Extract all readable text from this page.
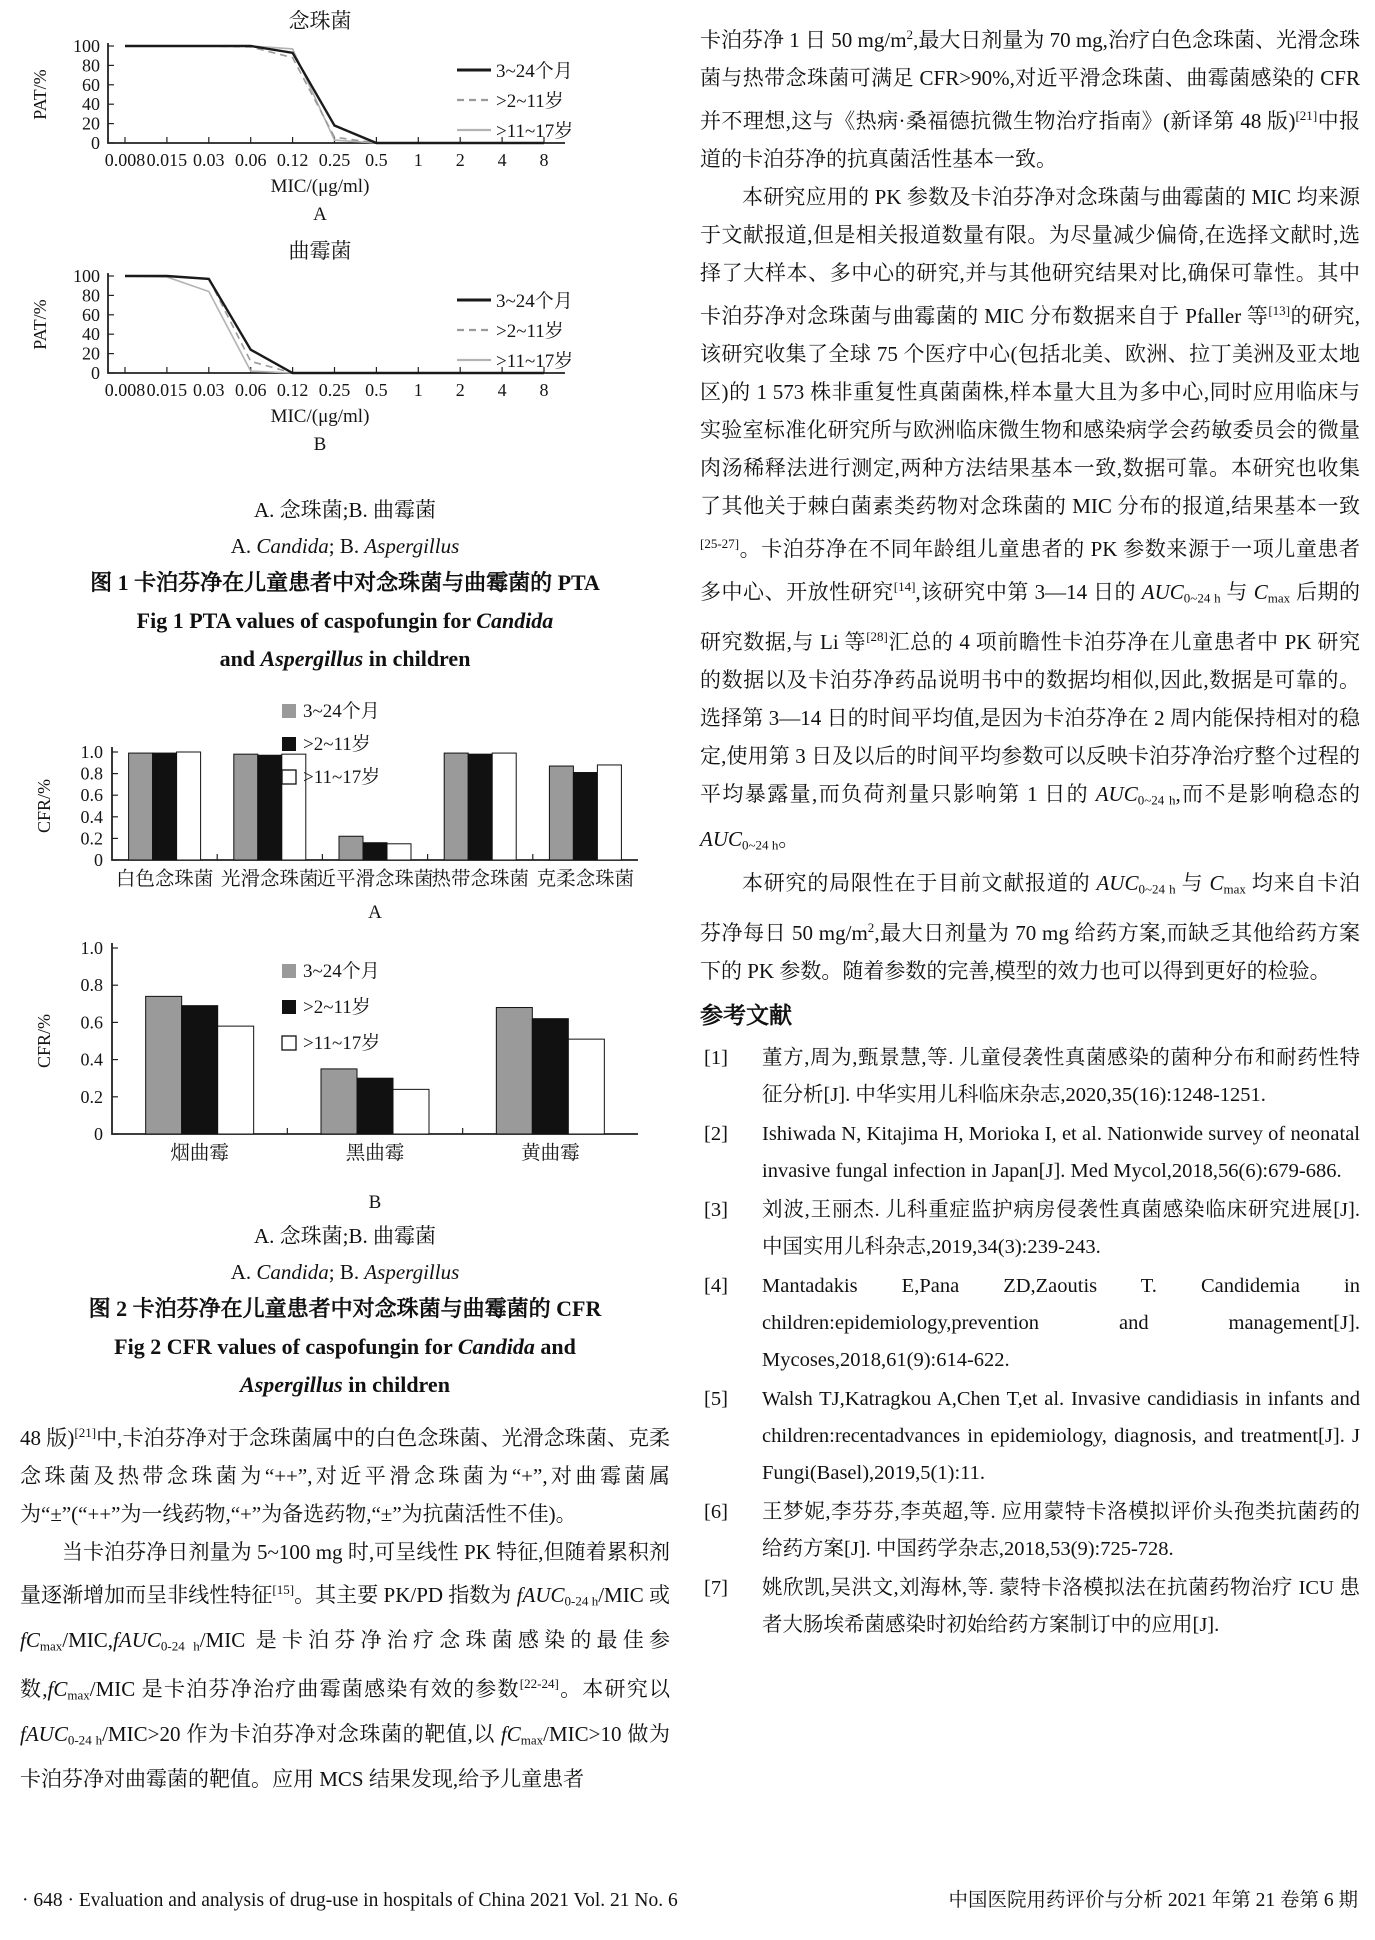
念珠菌
0
20
40
60
80
100
0.008 0.015 0.03 0.06 0.12 0.25 0.5 1 2 4 8
PAT/%
MIC/(μg/ml)
A
3~24个月
>2~11岁
>11~17岁
曲霉菌
0
20
40
60
80
100
0.008 0.015 0.03 0.06 0.12 0.25 0.5 1 2 4 8
PAT/%
MIC/(μg/ml)
B
3~24个月
>2~11岁
>11~17岁
A. 念珠菌;B. 曲霉菌
A. Candida; B. Aspergillus
图 1 卡泊芬净在儿童患者中对念珠菌与曲霉菌的 PTA
Fig 1 PTA values of caspofungin for Candida
and Aspergillus in children
0
0.2
0.4
0.6
0.8
1.0
白色念珠菌 光滑念珠菌
近平滑念珠菌
热带念珠菌 克柔念珠菌
CFR/%
A
3~24个月
>2~11岁
>11~17岁
0
0.2
0.4
0.6
0.8
1.0
烟曲霉	黑曲霉	黄曲霉
CFR/%
B
3~24个月
>2~11岁
>11~17岁
A. 念珠菌;B. 曲霉菌
A. Candida; B. Aspergillus
图 2 卡泊芬净在儿童患者中对念珠菌与曲霉菌的 CFR
Fig 2 CFR values of caspofungin for Candida and
Aspergillus in children

48 版)[21]中,卡泊芬净对于念珠菌属中的白色念珠菌、光滑念珠菌、克柔念珠菌及热带念珠菌为“++”,对近平滑念珠菌为“+”,对曲霉菌属为“±”(“++”为一线药物,“+”为备选药物,“±”为抗菌活性不佳)。

当卡泊芬净日剂量为 5~100 mg 时,可呈线性 PK 特征,但随着累积剂量逐渐增加而呈非线性特征[15]。其主要 PK/PD 指数为 fAUC$_{0-24 h}$/MIC 或 $fC_{max}/MIC,fAUC_{0-24 h}$/MIC 是卡泊芬净治疗念珠菌感染的最佳参数$,fC_{max}$/MIC 是卡泊芬净治疗曲霉菌感染有效的参数[22-24]。本研究以 fAUC$_{0-24 h}$/MIC>20 作为卡泊芬净对念珠菌的靶值,以 $fC_{max}/MIC>10$ 做为卡泊芬净对曲霉菌的靶值。应用 MCS 结果发现,给予儿童患者

卡泊芬净 1 日 50 $mg/m^2$,最大日剂量为 70 mg,治疗白色念珠菌、光滑念珠菌与热带念珠菌可满足 CFR>90%,对近平滑念珠菌、曲霉菌感染的 CFR 并不理想,这与《热病·桑福德抗微生物治疗指南》(新译第 48 版)[21]中报道的卡泊芬净的抗真菌活性基本一致。

本研究应用的 PK 参数及卡泊芬净对念珠菌与曲霉菌的 MIC 均来源于文献报道,但是相关报道数量有限。为尽量减少偏倚,在选择文献时,选择了大样本、多中心的研究,并与其他研究结果对比,确保可靠性。其中卡泊芬净对念珠菌与曲霉菌的 MIC 分布数据来自于 Pfaller 等[13]的研究,该研究收集了全球 75 个医疗中心(包括北美、欧洲、拉丁美洲及亚太地区)的 1 573 株非重复性真菌菌株,样本量大且为多中心,同时应用临床与实验室标准化研究所与欧洲临床微生物和感染病学会药敏委员会的微量肉汤稀释法进行测定,两种方法结果基本一致,数据可靠。本研究也收集了其他关于棘白菌素类药物对念珠菌的 MIC 分布的报道,结果基本一致[25-27]。卡泊芬净在不同年龄组儿童患者的 PK 参数来源于一项儿童患者多中心、开放性研究[14],该研究中第 3—14 日的 $AUC_{0\sim 24 h}$ 与 $C_{max}$ 后期的研究数据,与 Li 等[28]汇总的 4 项前瞻性卡泊芬净在儿童患者中 PK 研究的数据以及卡泊芬净药品说明书中的数据均相似,因此,数据是可靠的。选择第 3—14 日的时间平均值,是因为卡泊芬净在 2 周内能保持相对的稳定,使用第 3 日及以后的时间平均参数可以反映卡泊芬净治疗整个过程的平均暴露量,而负荷剂量只影响第 1 日的 $AUC_{0\sim 24 h}$,而不是影响稳态的 $AUC_{0\sim 24 h}$。

本研究的局限性在于目前文献报道的 $AUC_{0\sim 24 h}$ 与 $C_{max}$ 均来自卡泊芬净每日 50 $mg/m^2$,最大日剂量为 70 mg 给药方案,而缺乏其他给药方案下的 PK 参数。随着参数的完善,模型的效力也可以得到更好的检验。

参考文献
[1] 董方,周为,甄景慧,等. 儿童侵袭性真菌感染的菌种分布和耐药性特征分析[J]. 中华实用儿科临床杂志,2020,35(16):1248-1251.
[2] Ishiwada N, Kitajima H, Morioka I, et al. Nationwide survey of neonatal invasive fungal infection in Japan[J]. Med Mycol,2018,56(6):679-686.
[3] 刘波,王丽杰. 儿科重症监护病房侵袭性真菌感染临床研究进展[J]. 中国实用儿科杂志,2019,34(3):239-243.
[4] Mantadakis E,Pana ZD,Zaoutis T. Candidemia in children:epidemiology,prevention and management[J]. Mycoses,2018,61(9):614-622.
[5] Walsh TJ,Katragkou A,Chen T,et al. Invasive candidiasis in infants and children:recentadvances in epidemiology, diagnosis, and treatment[J]. J Fungi(Basel),2019,5(1):11.
[6] 王梦妮,李芬芬,李英超,等. 应用蒙特卡洛模拟评价头孢类抗菌药的给药方案[J]. 中国药学杂志,2018,53(9):725-728.
[7] 姚欣凯,吴洪文,刘海林,等. 蒙特卡洛模拟法在抗菌药物治疗 ICU 患者大肠埃希菌感染时初始给药方案制订中的应用[J].
· 648 · Evaluation and analysis of drug-use in hospitals of China 2021 Vol. 21 No. 6	中国医院用药评价与分析 2021 年第 21 卷第 6 期
